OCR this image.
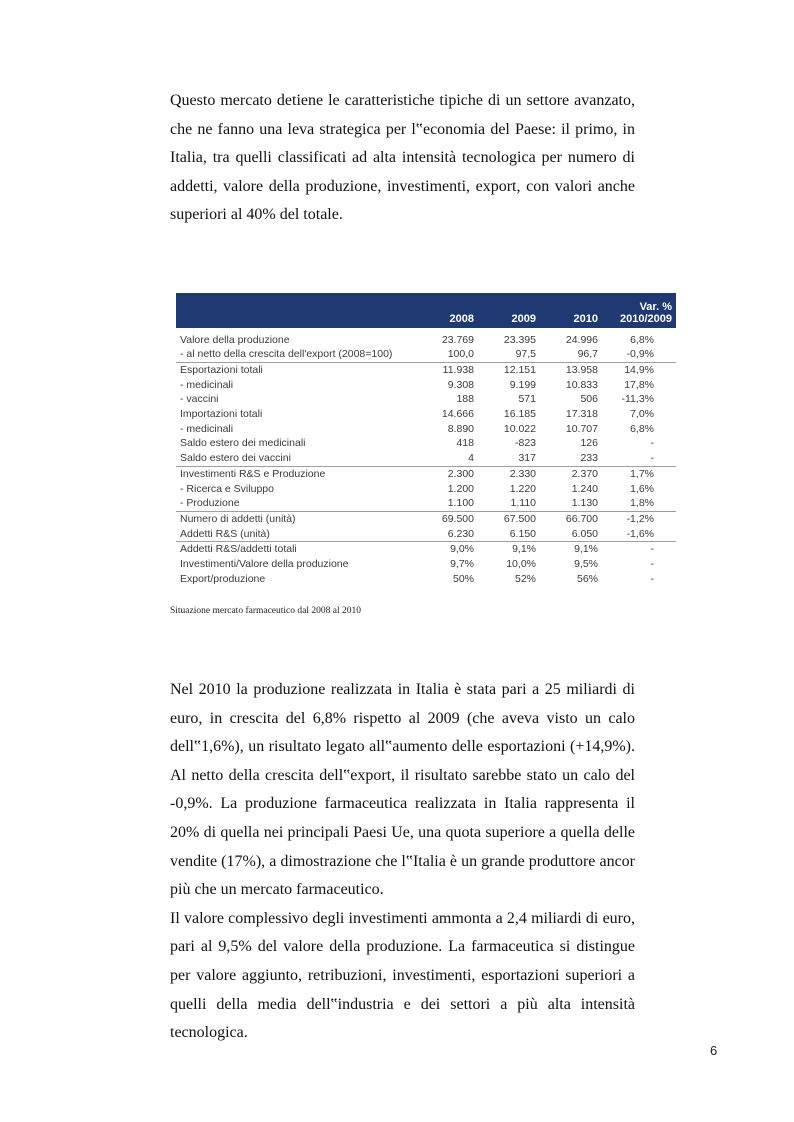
Questo mercato detiene le caratteristiche tipiche di un settore avanzato, che ne fanno una leva strategica per l‟economia del Paese: il primo, in Italia, tra quelli classificati ad alta intensità tecnologica per numero di addetti, valore della produzione, investimenti, export, con valori anche superiori al 40% del totale.

	2008	2009	2010	Var. %
2010/2009
Valore della produzione	23.769	23.395	24.996	6,8%
- al netto della crescita dell'export (2008=100)	100,0	97,5	96,7	-0,9%
Esportazioni totali	11.938	12.151	13.958	14,9%
- medicinali	9.308	9.199	10.833	17,8%
- vaccini	188	571	506	-11,3%
Importazioni totali	14.666	16.185	17.318	7,0%
- medicinali	8.890	10.022	10.707	6,8%
Saldo estero dei medicinali	418	-823	126	-
Saldo estero dei vaccini	4	317	233	-
Investimenti R&S e Produzione	2.300	2.330	2.370	1,7%
- Ricerca e Sviluppo	1.200	1.220	1.240	1,6%
- Produzione	1.100	1.110	1.130	1,8%
Numero di addetti (unità)	69.500	67.500	66.700	-1,2%
Addetti R&S (unità)	6.230	6.150	6.050	-1,6%
Addetti R&S/addetti totali	9,0%	9,1%	9,1%	-
Investimenti/Valore della produzione	9,7%	10,0%	9,5%	-
Export/produzione	50%	52%	56%	-
Situazione mercato farmaceutico dal 2008 al 2010

Nel 2010 la produzione realizzata in Italia è stata pari a 25 miliardi di euro, in crescita del 6,8% rispetto al 2009 (che aveva visto un calo dell‟1,6%), un risultato legato all‟aumento delle esportazioni (+14,9%). Al netto della crescita dell‟export, il risultato sarebbe stato un calo del -0,9%. La produzione farmaceutica realizzata in Italia rappresenta il 20% di quella nei principali Paesi Ue, una quota superiore a quella delle vendite (17%), a dimostrazione che l‟Italia è un grande produttore ancor più che un mercato farmaceutico.

Il valore complessivo degli investimenti ammonta a 2,4 miliardi di euro, pari al 9,5% del valore della produzione. La farmaceutica si distingue per valore aggiunto, retribuzioni, investimenti, esportazioni superiori a quelli della media dell‟industria e dei settori a più alta intensità tecnologica.

6
